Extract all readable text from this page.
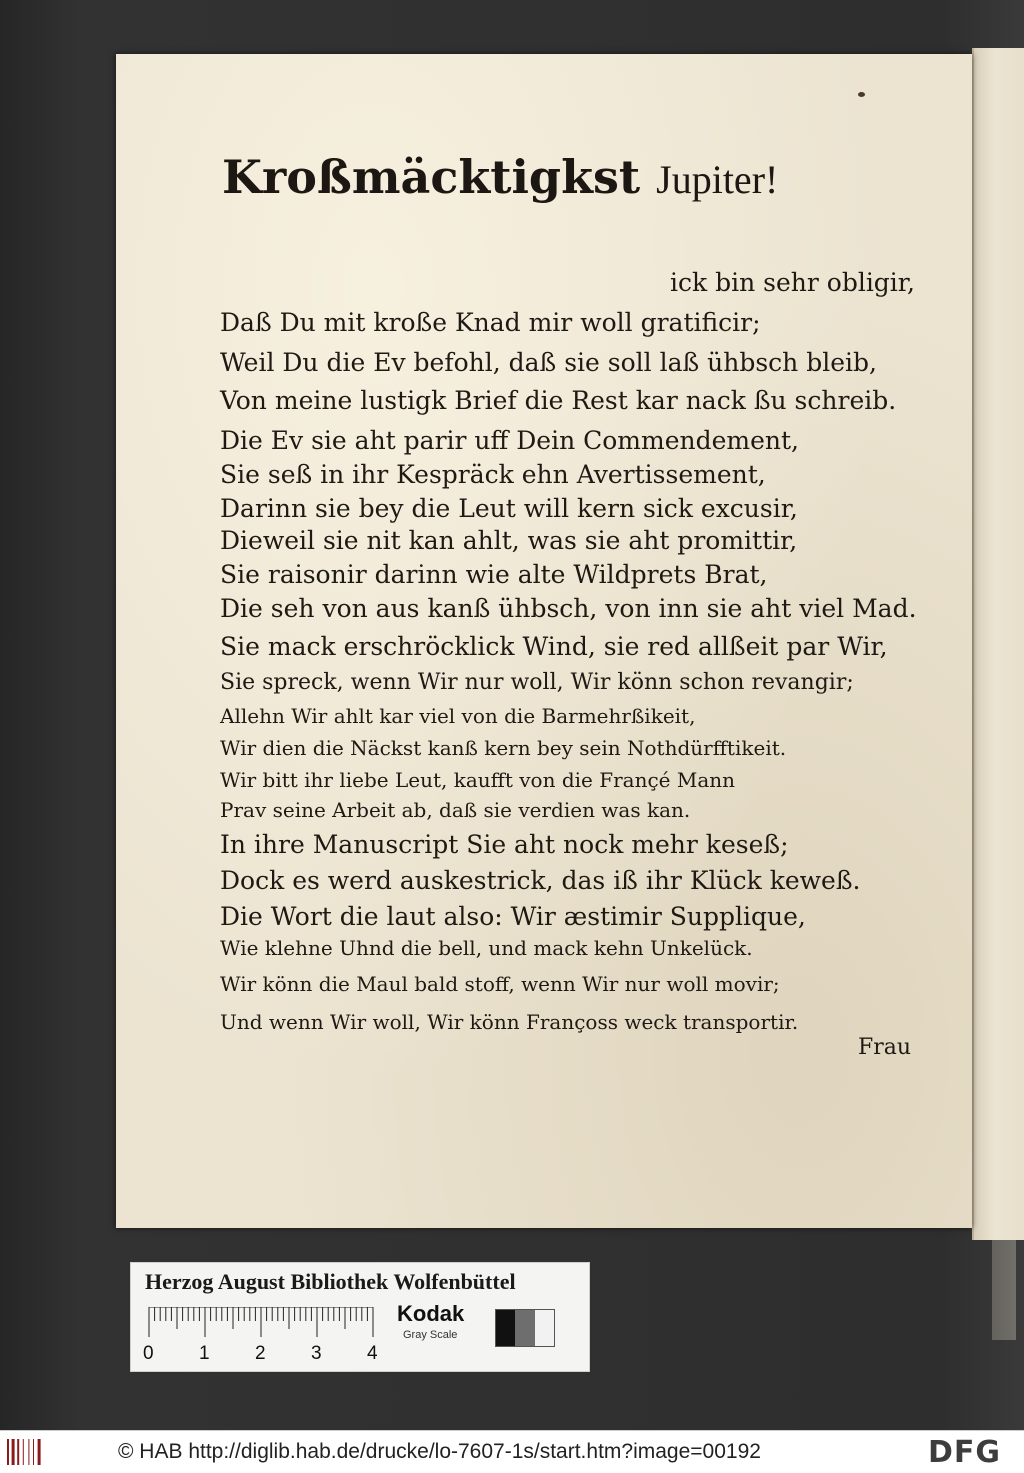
Kroßmäcktigkst Jupiter!

ick bin sehr obligir,

Daß Du mit kroße Knad mir woll gratificir;

Weil Du die Ev befohl, daß sie soll laß ühbsch bleib,

Von meine lustigk Brief die Rest kar nack ßu schreib.

Die Ev sie aht parir uff Dein Commendement,

Sie seß in ihr Kespräck ehn Avertissement,

Darinn sie bey die Leut will kern sick excusir,

Dieweil sie nit kan ahlt, was sie aht promittir,

Sie raisonir darinn wie alte Wildprets Brat,

Die seh von aus kanß ühbsch, von inn sie aht viel Mad.

Sie mack erschröcklick Wind, sie red allßeit par Wir,

Sie spreck, wenn Wir nur woll, Wir könn schon revangir;

Allehn Wir ahlt kar viel von die Barmehrßikeit,

Wir dien die Näckst kanß kern bey sein Nothdürfftikeit.

Wir bitt ihr liebe Leut, kaufft von die Françé Mann

Prav seine Arbeit ab, daß sie verdien was kan.

In ihre Manuscript Sie aht nock mehr keseß;

Dock es werd auskestrick, das iß ihr Klück keweß.

Die Wort die laut also: Wir æstimir Supplique,

Wie klehne Uhnd die bell, und mack kehn Unkelück.

Wir könn die Maul bald stoff, wenn Wir nur woll movir;

Und wenn Wir woll, Wir könn Françoss weck transportir.

Frau

Herzog August Bibliothek Wolfenbüttel

0 1 2 3 4

Kodak

Gray Scale

© HAB http://diglib.hab.de/drucke/lo-7607-1s/start.htm?image=00192	DFG
